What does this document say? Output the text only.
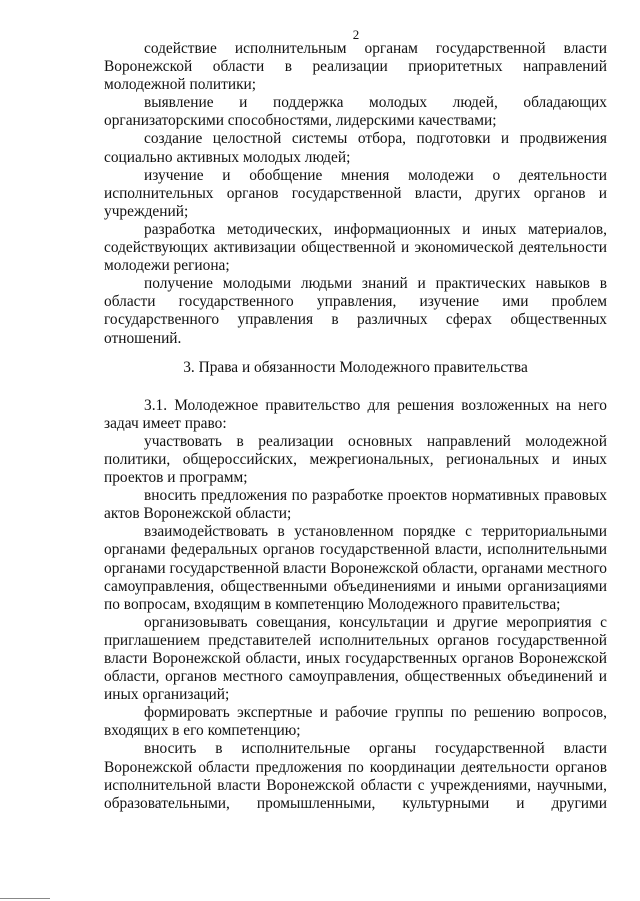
2

содействие исполнительным органам государственной власти Воронежской области в реализации приоритетных направлений молодежной политики;

выявление и поддержка молодых людей, обладающих организаторскими способностями, лидерскими качествами;

создание целостной системы отбора, подготовки и продвижения социально активных молодых людей;

изучение и обобщение мнения молодежи о деятельности исполнительных органов государственной власти, других органов и учреждений;

разработка методических, информационных и иных материалов, содействующих активизации общественной и экономической деятельности молодежи региона;

получение молодыми людьми знаний и практических навыков в области государственного управления, изучение ими проблем государственного управления в различных сферах общественных отношений.

3. Права и обязанности Молодежного правительства

3.1. Молодежное правительство для решения возложенных на него задач имеет право:

участвовать в реализации основных направлений молодежной политики, общероссийских, межрегиональных, региональных и иных проектов и программ;

вносить предложения по разработке проектов нормативных правовых актов Воронежской области;

взаимодействовать в установленном порядке с территориальными органами федеральных органов государственной власти, исполнительными органами государственной власти Воронежской области, органами местного самоуправления, общественными объединениями и иными организациями по вопросам, входящим в компетенцию Молодежного правительства;

организовывать совещания, консультации и другие мероприятия с приглашением представителей исполнительных органов государственной власти Воронежской области, иных государственных органов Воронежской области, органов местного самоуправления, общественных объединений и иных организаций;

формировать экспертные и рабочие группы по решению вопросов, входящих в его компетенцию;

вносить в исполнительные органы государственной власти Воронежской области предложения по координации деятельности органов исполнительной власти Воронежской области с учреждениями, научными, образовательными, промышленными, культурными и другими
